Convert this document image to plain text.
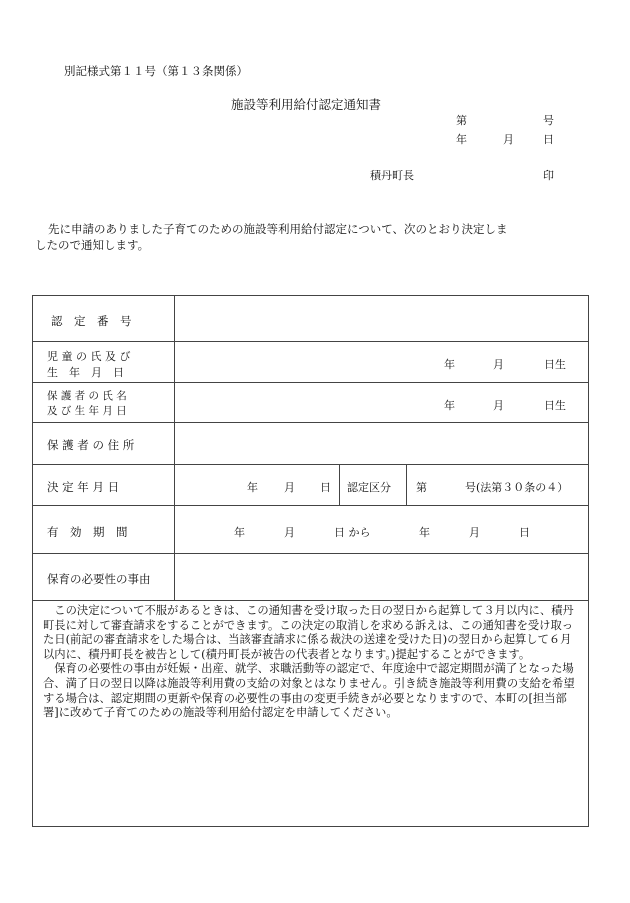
別記様式第１１号（第１３条関係）
施設等利用給付認定通知書
第	号
年	月	日
積丹町長	印
先に申請のありました子育てのための施設等利用給付認定について、次のとおり決定しま
したので通知します。
認　定　番　号
児 童 の 氏 及 び
生　年　月　日
年	月	日生
保 護 者 の 氏 名
及 び 生 年 月 日	年	月	日生
保 護 者 の 住 所
決 定 年 月 日	年 月 日 認定区分 第	号(法第３０条の４）
有　効　期　間	年	月	日 から	年	月	日
保育の必要性の事由

この決定について不服があるときは、この通知書を受け取った日の翌日から起算して３月以内に、積丹町長に対して審査請求をすることができます。この決定の取消しを求める訴えは、この通知書を受け取った日(前記の審査請求をした場合は、当該審査請求に係る裁決の送達を受けた日)の翌日から起算して６月以内に、積丹町長を被告として(積丹町長が被告の代表者となります。)提起することができます。

保育の必要性の事由が妊娠・出産、就学、求職活動等の認定で、年度途中で認定期間が満了となった場合、満了日の翌日以降は施設等利用費の支給の対象とはなりません。引き続き施設等利用費の支給を希望する場合は、認定期間の更新や保育の必要性の事由の変更手続きが必要となりますので、本町の[担当部署]に改めて子育てのための施設等利用給付認定を申請してください。
